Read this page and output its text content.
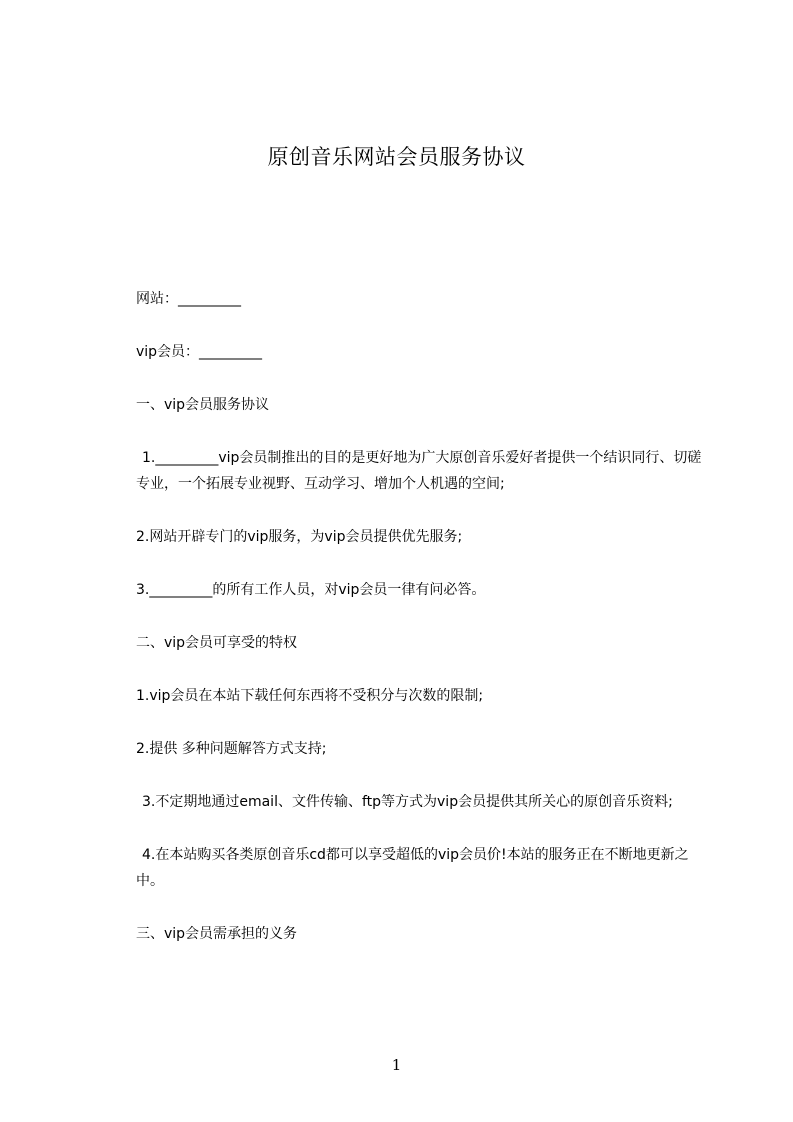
原创音乐网站会员服务协议

网站：_________

vip会员：_________

一、vip会员服务协议

1._________vip会员制推出的目的是更好地为广大原创音乐爱好者提供一个结识同行、切磋专业，一个拓展专业视野、互动学习、增加个人机遇的空间;

2.网站开辟专门的vip服务，为vip会员提供优先服务;

3._________的所有工作人员，对vip会员一律有问必答。

二、vip会员可享受的特权

1.vip会员在本站下载任何东西将不受积分与次数的限制;

2.提供 多种问题解答方式支持;

3.不定期地通过email、文件传输、ftp等方式为vip会员提供其所关心的原创音乐资料;

4.在本站购买各类原创音乐cd都可以享受超低的vip会员价!本站的服务正在不断地更新之中。

三、vip会员需承担的义务

1
